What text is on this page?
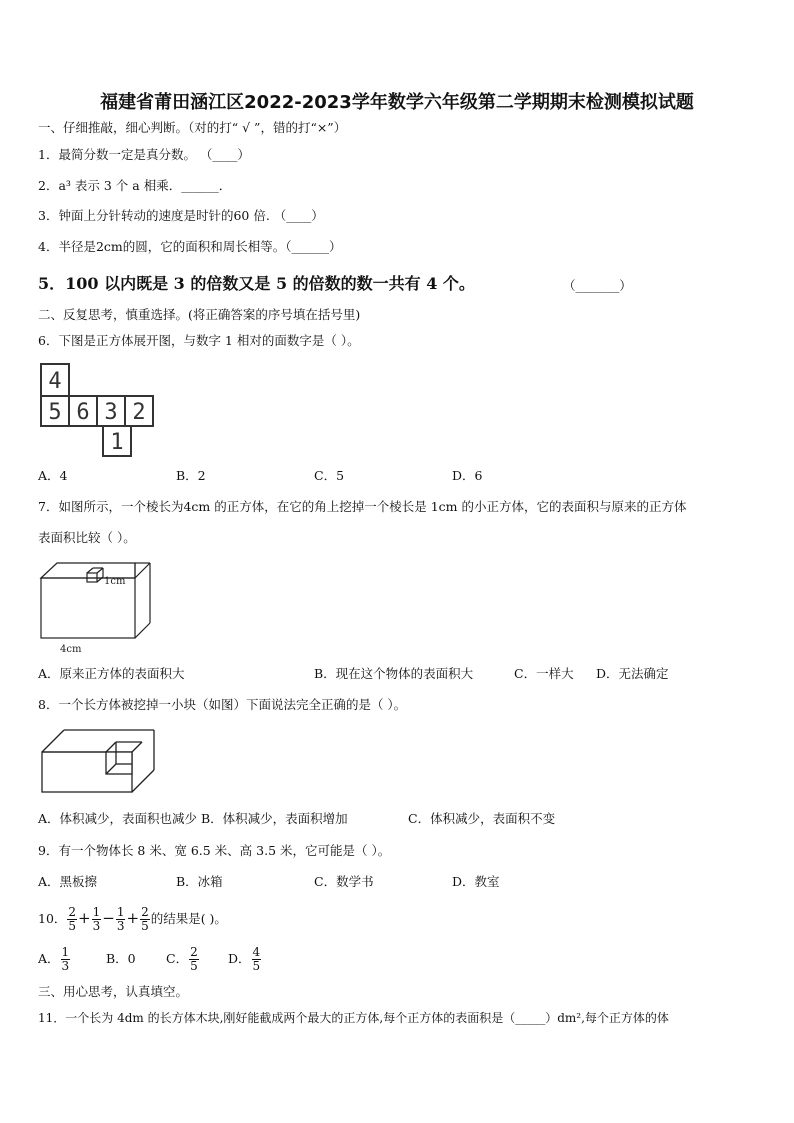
福建省莆田涵江区2022-2023学年数学六年级第二学期期末检测模拟试题
一、仔细推敲，细心判断。（对的打“ √ ”，错的打“×”）
1．最简分数一定是真分数。 （____）
2．a³ 表示 3 个 a 相乘．______．
3．钟面上分针转动的速度是时针的60 倍. （____）
4．半径是2cm的圆，它的面积和周长相等。（______）
5．100 以内既是 3 的倍数又是 5 的倍数的数一共有 4 个。	（_______）
二、反复思考，慎重选择。(将正确答案的序号填在括号里)
6．下图是正方体展开图，与数字 1 相对的面数字是（ ）。
4
5 6 3 2
1
A．4	B．2	C．5	D．6
7．如图所示，一个棱长为4cm 的正方体，在它的角上挖掉一个棱长是 1cm 的小正方体，它的表面积与原来的正方体
表面积比较（ ）。
1cm
4cm
A．原来正方体的表面积大	B．现在这个物体的表面积大	C．一样大 D．无法确定
8．一个长方体被挖掉一小块（如图）下面说法完全正确的是（ ）。
A．体积减少，表面积也减少 B．体积减少，表面积增加	C．体积减少，表面积不变
9．有一个物体长 8 米、宽 6.5 米、高 3.5 米，它可能是（ ）。
A．黑板擦	B．冰箱	C．数学书	D．教室
10． $\frac{2}{5} + \frac{1}{3} - \frac{1}{3} + \frac{2}{5}$ 的结果是( )。
A． $\frac{1}{3}$	B．0 C． $\frac{2}{5}$ D． $\frac{4}{5}$
三、用心思考，认真填空。
11．一个长为 4dm 的长方体木块,刚好能截成两个最大的正方体,每个正方体的表面积是（_____）dm²,每个正方体的体
